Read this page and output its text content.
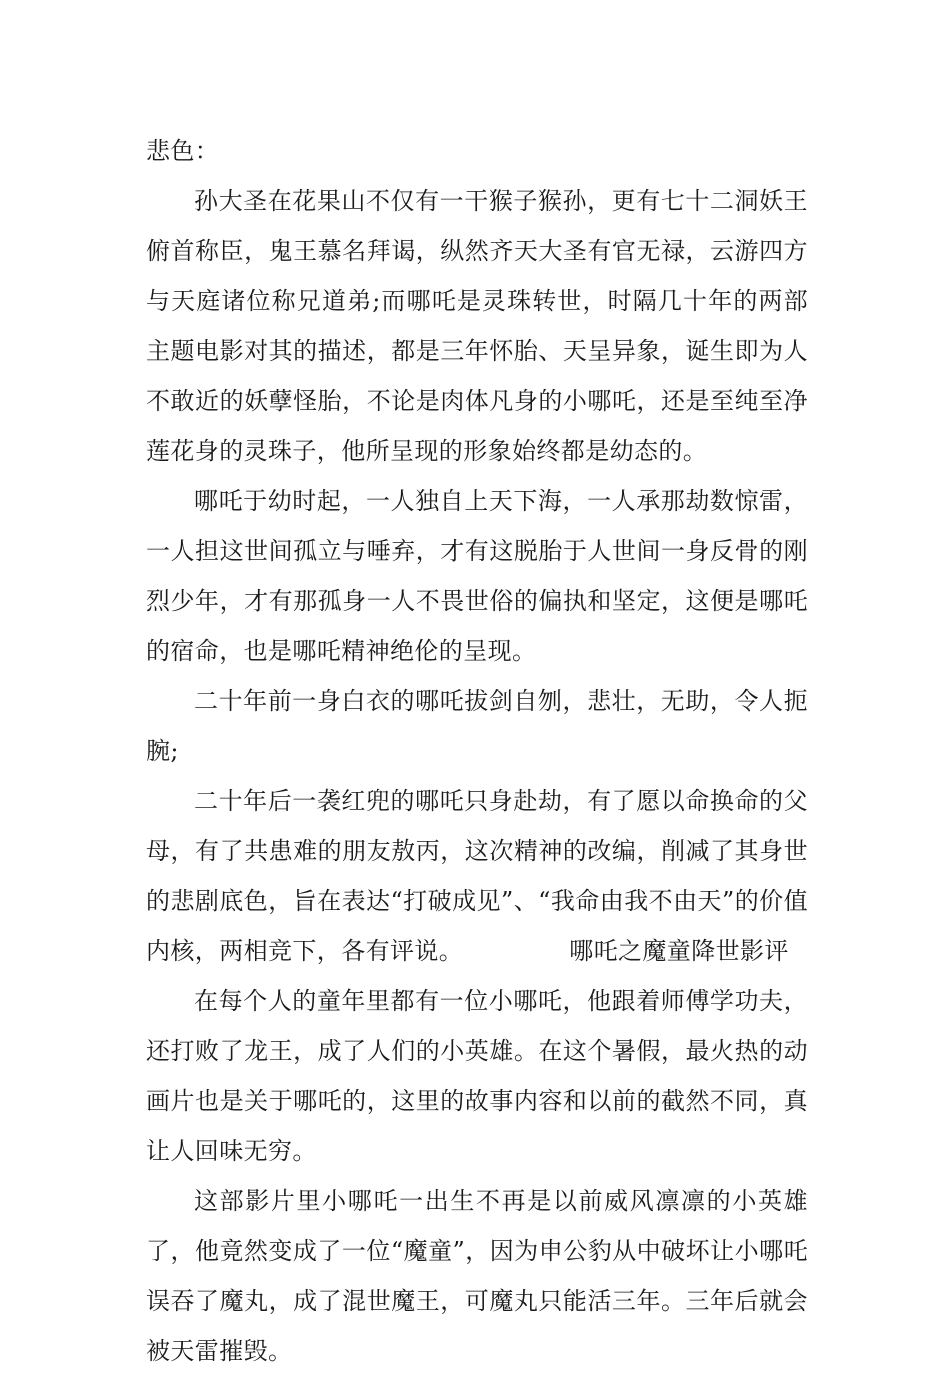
悲色：

孙大圣在花果山不仅有一干猴子猴孙，更有七十二洞妖王俯首称臣，鬼王慕名拜谒，纵然齐天大圣有官无禄，云游四方与天庭诸位称兄道弟;而哪吒是灵珠转世，时隔几十年的两部主题电影对其的描述，都是三年怀胎、天呈异象，诞生即为人不敢近的妖孽怪胎，不论是肉体凡身的小哪吒，还是至纯至净莲花身的灵珠子，他所呈现的形象始终都是幼态的。

哪吒于幼时起，一人独自上天下海，一人承那劫数惊雷，一人担这世间孤立与唾弃，才有这脱胎于人世间一身反骨的刚烈少年，才有那孤身一人不畏世俗的偏执和坚定，这便是哪吒的宿命，也是哪吒精神绝伦的呈现。

二十年前一身白衣的哪吒拔剑自刎，悲壮，无助，令人扼腕;

二十年后一袭红兜的哪吒只身赴劫，有了愿以命换命的父母，有了共患难的朋友敖丙，这次精神的改编，削减了其身世的悲剧底色，旨在表达“打破成见”、“我命由我不由天”的价值内核，两相竞下，各有评说。	哪吒之魔童降世影评

在每个人的童年里都有一位小哪吒，他跟着师傅学功夫，还打败了龙王，成了人们的小英雄。在这个暑假，最火热的动画片也是关于哪吒的，这里的故事内容和以前的截然不同，真让人回味无穷。

这部影片里小哪吒一出生不再是以前威风凛凛的小英雄了，他竟然变成了一位“魔童”，因为申公豹从中破坏让小哪吒误吞了魔丸，成了混世魔王，可魔丸只能活三年。三年后就会被天雷摧毁。
